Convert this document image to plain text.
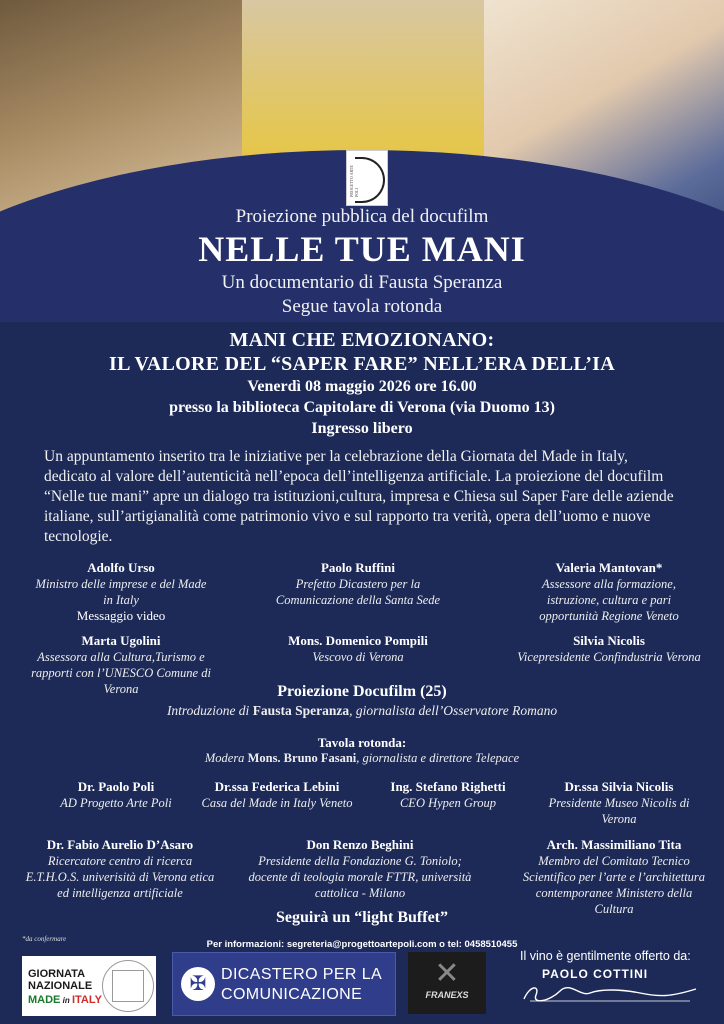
PROGETTO ARTE POLI
Proiezione pubblica del docufilm
NELLE TUE MANI
Un documentario di Fausta Speranza
Segue tavola rotonda
MANI CHE EMOZIONANO:
IL VALORE DEL “SAPER FARE” NELL’ERA DELL’IA
Venerdì 08 maggio 2026 ore 16.00
presso la biblioteca Capitolare di Verona (via Duomo 13)
Ingresso libero
Un appuntamento inserito tra le iniziative per la celebrazione della Giornata del Made in Italy, dedicato al valore dell’autenticità nell’epoca dell’intelligenza artificiale. La proiezione del docufilm “Nelle tue mani” apre un dialogo tra istituzioni,cultura, impresa e Chiesa sul Saper Fare delle aziende italiane, sull’artigianalità come patrimonio vivo e sul rapporto tra verità, opera dell’uomo e nuove tecnologie.
Adolfo Urso
Ministro delle imprese e del Made in Italy
Messaggio video
Paolo Ruffini
Prefetto Dicastero per la Comunicazione della Santa Sede
Valeria Mantovan*
Assessore alla formazione, istruzione, cultura e pari opportunità Regione Veneto
Marta Ugolini
Assessora alla Cultura,Turismo e rapporti con l’UNESCO Comune di Verona
Mons. Domenico Pompili
Vescovo di Verona
Silvia Nicolis
Vicepresidente Confindustria Verona
Proiezione Docufilm (25)
Introduzione di Fausta Speranza, giornalista dell’Osservatore Romano
Tavola rotonda:
Modera Mons. Bruno Fasani, giornalista e direttore Telepace
Dr. Paolo Poli
AD Progetto Arte Poli
Dr.ssa Federica Lebini
Casa del Made in Italy Veneto
Ing. Stefano Righetti
CEO Hypen Group
Dr.ssa Silvia Nicolis
Presidente Museo Nicolis di Verona
Dr. Fabio Aurelio D’Asaro
Ricercatore centro di ricerca E.T.H.O.S. univerisità di Verona etica ed intelligenza artificiale
Don Renzo Beghini
Presidente della Fondazione G. Toniolo; docente di teologia morale FTTR, università cattolica - Milano
Arch. Massimiliano Tita
Membro del Comitato Tecnico Scientifico per l’arte e l’architettura contemporanee Ministero della Cultura
Seguirà un “light Buffet”
*da confermare	Per informazioni: segreteria@progettoartepoli.com o tel: 0458510455
Il vino è gentilmente offerto da:
GIORNATA
NAZIONALE
MADE in ITALY
✠ DICASTERO PER LA
COMUNICAZIONE
✕
FRANEXS
PAOLO COTTINI
